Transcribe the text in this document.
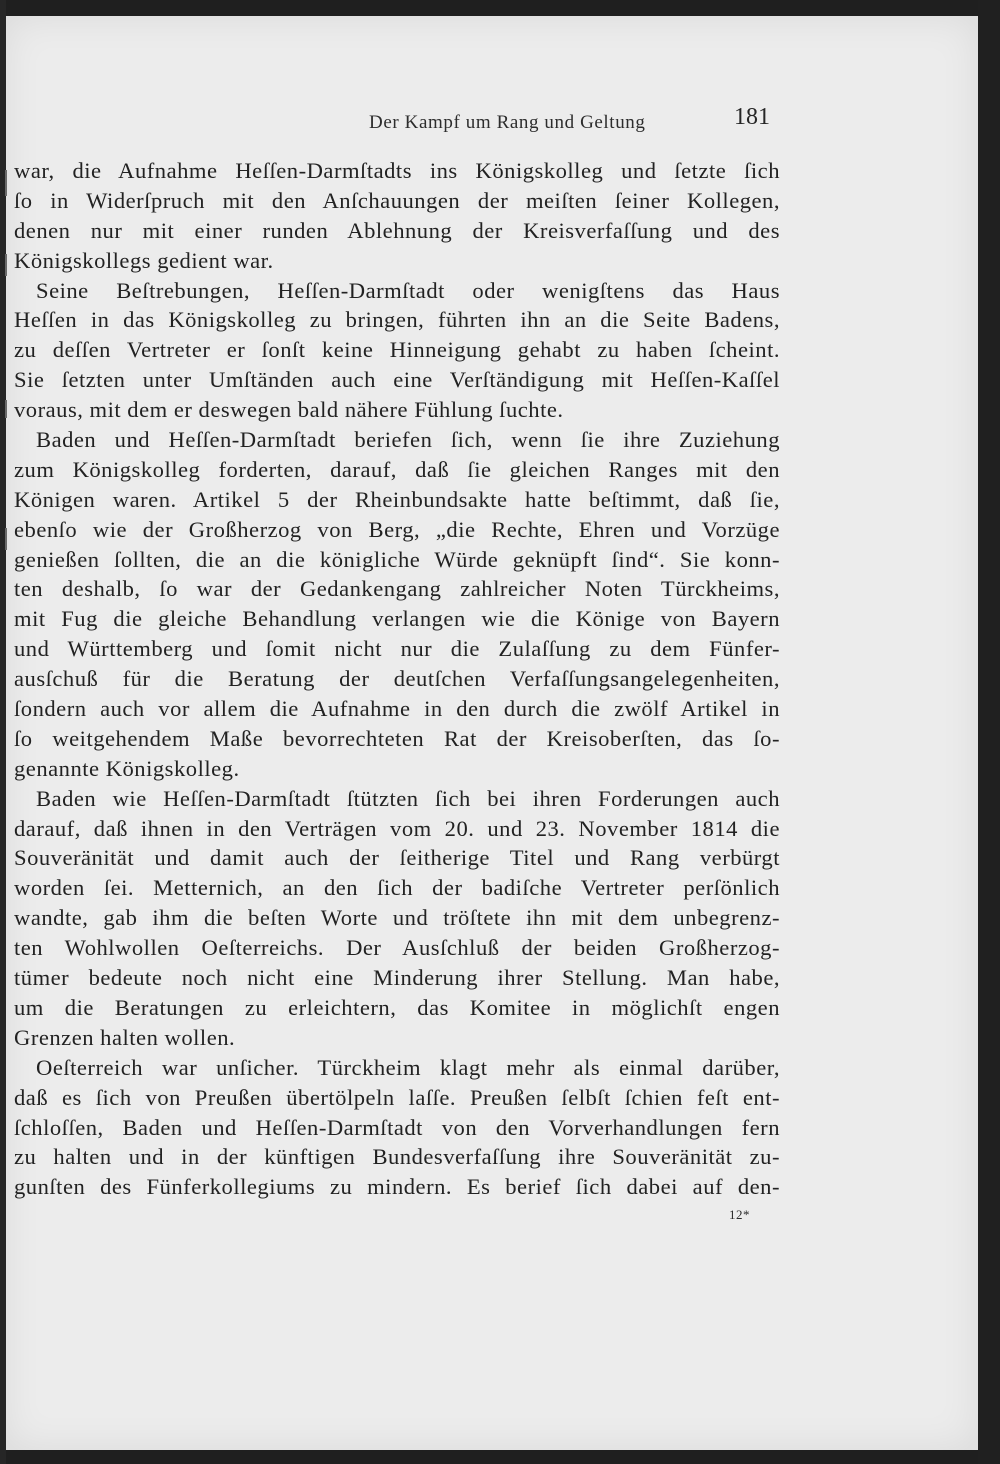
Der Kampf um Rang und Geltung	181
war, die Aufnahme Heſſen-Darmſtadts ins Königskolleg und ſetzte ſich
ſo in Widerſpruch mit den Anſchauungen der meiſten ſeiner Kollegen,
denen nur mit einer runden Ablehnung der Kreisverfaſſung und des
Königskollegs gedient war.
Seine Beſtrebungen, Heſſen-Darmſtadt oder wenigſtens das Haus
Heſſen in das Königskolleg zu bringen, führten ihn an die Seite Badens,
zu deſſen Vertreter er ſonſt keine Hinneigung gehabt zu haben ſcheint.
Sie ſetzten unter Umſtänden auch eine Verſtändigung mit Heſſen-Kaſſel
voraus, mit dem er deswegen bald nähere Fühlung ſuchte.
Baden und Heſſen-Darmſtadt beriefen ſich, wenn ſie ihre Zuziehung
zum Königskolleg forderten, darauf, daß ſie gleichen Ranges mit den
Königen waren. Artikel 5 der Rheinbundsakte hatte beſtimmt, daß ſie,
ebenſo wie der Großherzog von Berg, „die Rechte, Ehren und Vorzüge
genießen ſollten, die an die königliche Würde geknüpft ſind“. Sie konn-
ten deshalb, ſo war der Gedankengang zahlreicher Noten Türckheims,
mit Fug die gleiche Behandlung verlangen wie die Könige von Bayern
und Württemberg und ſomit nicht nur die Zulaſſung zu dem Fünfer-
ausſchuß für die Beratung der deutſchen Verfaſſungsangelegenheiten,
ſondern auch vor allem die Aufnahme in den durch die zwölf Artikel in
ſo weitgehendem Maße bevorrechteten Rat der Kreisoberſten, das ſo-
genannte Königskolleg.
Baden wie Heſſen-Darmſtadt ſtützten ſich bei ihren Forderungen auch
darauf, daß ihnen in den Verträgen vom 20. und 23. November 1814 die
Souveränität und damit auch der ſeitherige Titel und Rang verbürgt
worden ſei. Metternich, an den ſich der badiſche Vertreter perſönlich
wandte, gab ihm die beſten Worte und tröſtete ihn mit dem unbegrenz-
ten Wohlwollen Oeſterreichs. Der Ausſchluß der beiden Großherzog-
tümer bedeute noch nicht eine Minderung ihrer Stellung. Man habe,
um die Beratungen zu erleichtern, das Komitee in möglichſt engen
Grenzen halten wollen.
Oeſterreich war unſicher. Türckheim klagt mehr als einmal darüber,
daß es ſich von Preußen übertölpeln laſſe. Preußen ſelbſt ſchien feſt ent-
ſchloſſen, Baden und Heſſen-Darmſtadt von den Vorverhandlungen fern
zu halten und in der künftigen Bundesverfaſſung ihre Souveränität zu-
gunſten des Fünferkollegiums zu mindern. Es berief ſich dabei auf den-
12*
